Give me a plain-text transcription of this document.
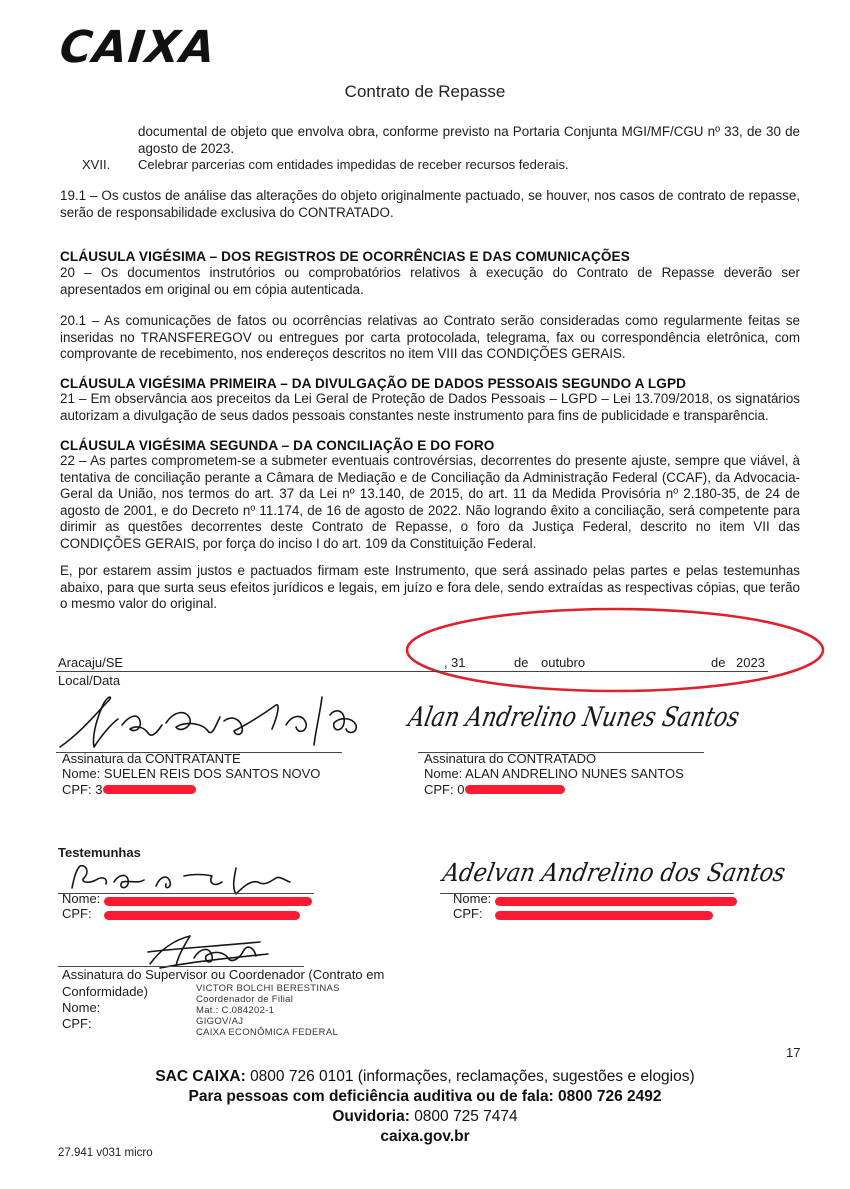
CAIXA
Contrato de Repasse
documental de objeto que envolva obra, conforme previsto na Portaria Conjunta MGI/MF/CGU nº 33, de 30 de agosto de 2023.
XVII. Celebrar parcerias com entidades impedidas de receber recursos federais.
19.1 – Os custos de análise das alterações do objeto originalmente pactuado, se houver, nos casos de contrato de repasse, serão de responsabilidade exclusiva do CONTRATADO.
CLÁUSULA VIGÉSIMA – DOS REGISTROS DE OCORRÊNCIAS E DAS COMUNICAÇÕES
20 – Os documentos instrutórios ou comprobatórios relativos à execução do Contrato de Repasse deverão ser apresentados em original ou em cópia autenticada.
20.1 – As comunicações de fatos ou ocorrências relativas ao Contrato serão consideradas como regularmente feitas se inseridas no TRANSFEREGOV ou entregues por carta protocolada, telegrama, fax ou correspondência eletrônica, com comprovante de recebimento, nos endereços descritos no item VIII das CONDIÇÕES GERAIS.
CLÁUSULA VIGÉSIMA PRIMEIRA – DA DIVULGAÇÃO DE DADOS PESSOAIS SEGUNDO A LGPD
21 – Em observância aos preceitos da Lei Geral de Proteção de Dados Pessoais – LGPD – Lei 13.709/2018, os signatários autorizam a divulgação de seus dados pessoais constantes neste instrumento para fins de publicidade e transparência.
CLÁUSULA VIGÉSIMA SEGUNDA – DA CONCILIAÇÃO E DO FORO
22 – As partes comprometem-se a submeter eventuais controvérsias, decorrentes do presente ajuste, sempre que viável, à tentativa de conciliação perante a Câmara de Mediação e de Conciliação da Administração Federal (CCAF), da Advocacia-Geral da União, nos termos do art. 37 da Lei nº 13.140, de 2015, do art. 11 da Medida Provisória nº 2.180-35, de 24 de agosto de 2001, e do Decreto nº 11.174, de 16 de agosto de 2022. Não logrando êxito a conciliação, será competente para dirimir as questões decorrentes deste Contrato de Repasse, o foro da Justiça Federal, descrito no item VII das CONDIÇÕES GERAIS, por força do inciso I do art. 109 da Constituição Federal.
E, por estarem assim justos e pactuados firmam este Instrumento, que será assinado pelas partes e pelas testemunhas abaixo, para que surta seus efeitos jurídicos e legais, em juízo e fora dele, sendo extraídas as respectivas cópias, que terão o mesmo valor do original.
Aracaju/SE	, 31	de outubro	de 2023
Local/Data
Assinatura da CONTRATANTE
Nome: SUELEN REIS DOS SANTOS NOVO
CPF: 3
Alan Andrelino Nunes Santos
Assinatura do CONTRATADO
Nome: ALAN ANDRELINO NUNES SANTOS
CPF: 0
Testemunhas
Nome:
CPF:
Adelvan Andrelino dos Santos
Nome:
CPF:
Assinatura do Supervisor ou Coordenador (Contrato em
Conformidade)
Nome:
CPF:
VICTOR BOLCHI BERESTINAS
Coordenador de Filial
Mat.: C.084202-1
GIGOV/AJ
CAIXA ECONÔMICA FEDERAL
17
SAC CAIXA: 0800 726 0101 (informações, reclamações, sugestões e elogios)
Para pessoas com deficiência auditiva ou de fala: 0800 726 2492
Ouvidoria: 0800 725 7474
caixa.gov.br
27.941 v031 micro
